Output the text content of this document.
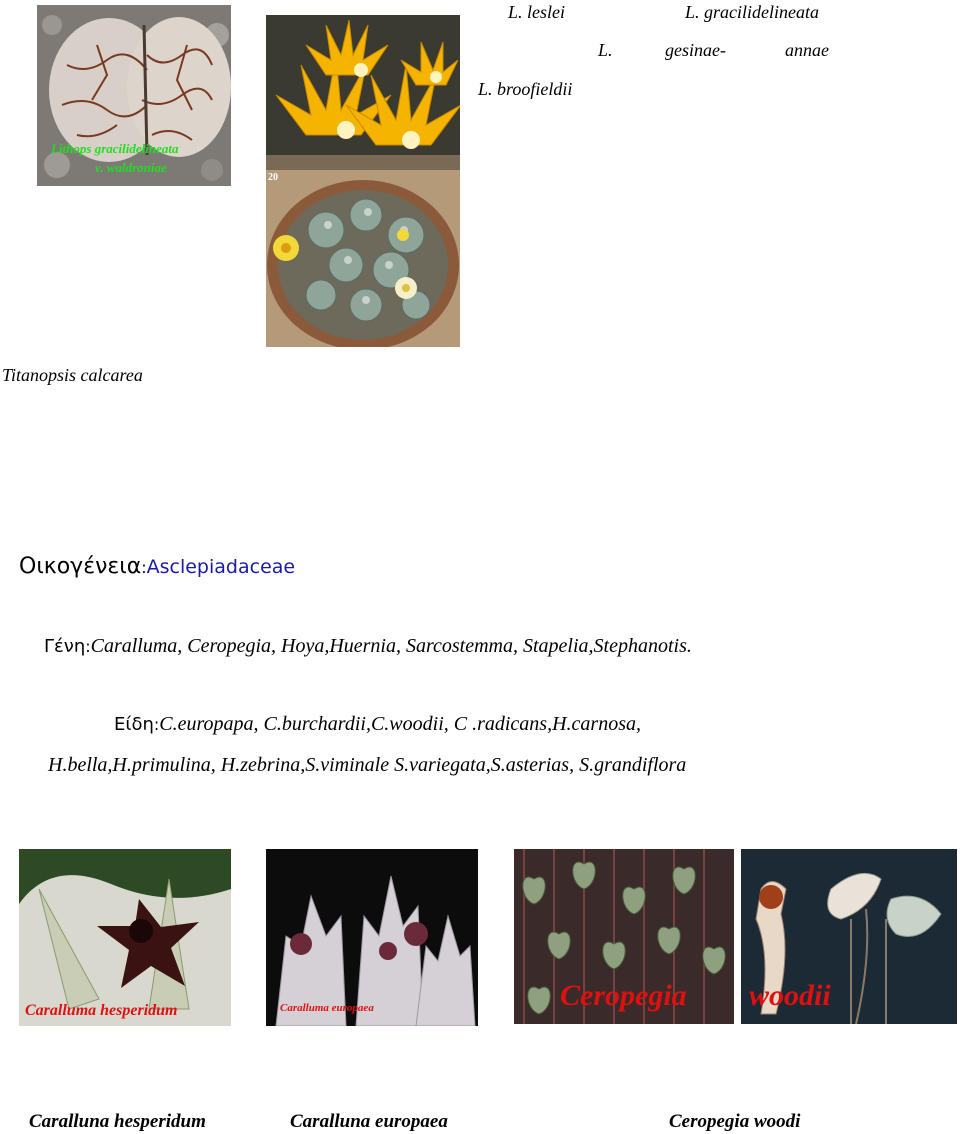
Lithops gracilidelineata
v. waldroniae
20
L. leslei	L. gracilidelineata
L.	gesinae-	annae
L. broofieldii
Titanopsis calcarea
Οικογένεια:Asclepiadaceae
Γένη:Caralluma, Ceropegia, Hoya,Huernia, Sarcostemma, Stapelia,Stephanotis.
Είδη:C.europapa, C.burchardii,C.woodii, C .radicans,H.carnosa,
H.bella,H.primulina, H.zebrina,S.viminale S.variegata,S.asterias, S.grandiflora
Caralluma hesperidum	Caralluma europaea	Ceropegia woodii
Caralluna hesperidum	Caralluna europaea	Ceropegia woodi
